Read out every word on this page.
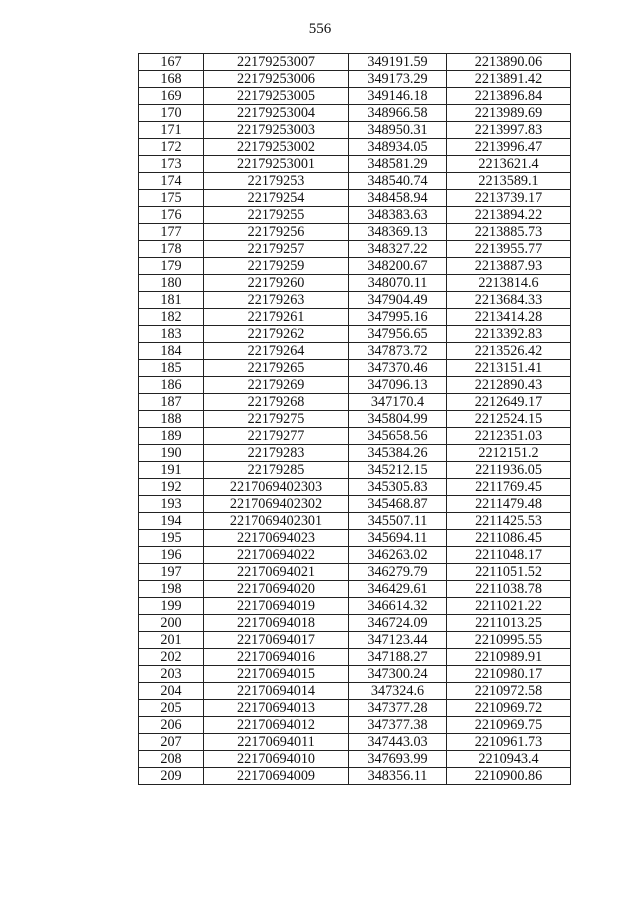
556
167	22179253007	349191.59	2213890.06
168	22179253006	349173.29	2213891.42
169	22179253005	349146.18	2213896.84
170	22179253004	348966.58	2213989.69
171	22179253003	348950.31	2213997.83
172	22179253002	348934.05	2213996.47
173	22179253001	348581.29	2213621.4
174	22179253	348540.74	2213589.1
175	22179254	348458.94	2213739.17
176	22179255	348383.63	2213894.22
177	22179256	348369.13	2213885.73
178	22179257	348327.22	2213955.77
179	22179259	348200.67	2213887.93
180	22179260	348070.11	2213814.6
181	22179263	347904.49	2213684.33
182	22179261	347995.16	2213414.28
183	22179262	347956.65	2213392.83
184	22179264	347873.72	2213526.42
185	22179265	347370.46	2213151.41
186	22179269	347096.13	2212890.43
187	22179268	347170.4	2212649.17
188	22179275	345804.99	2212524.15
189	22179277	345658.56	2212351.03
190	22179283	345384.26	2212151.2
191	22179285	345212.15	2211936.05
192	2217069402303	345305.83	2211769.45
193	2217069402302	345468.87	2211479.48
194	2217069402301	345507.11	2211425.53
195	22170694023	345694.11	2211086.45
196	22170694022	346263.02	2211048.17
197	22170694021	346279.79	2211051.52
198	22170694020	346429.61	2211038.78
199	22170694019	346614.32	2211021.22
200	22170694018	346724.09	2211013.25
201	22170694017	347123.44	2210995.55
202	22170694016	347188.27	2210989.91
203	22170694015	347300.24	2210980.17
204	22170694014	347324.6	2210972.58
205	22170694013	347377.28	2210969.72
206	22170694012	347377.38	2210969.75
207	22170694011	347443.03	2210961.73
208	22170694010	347693.99	2210943.4
209	22170694009	348356.11	2210900.86
